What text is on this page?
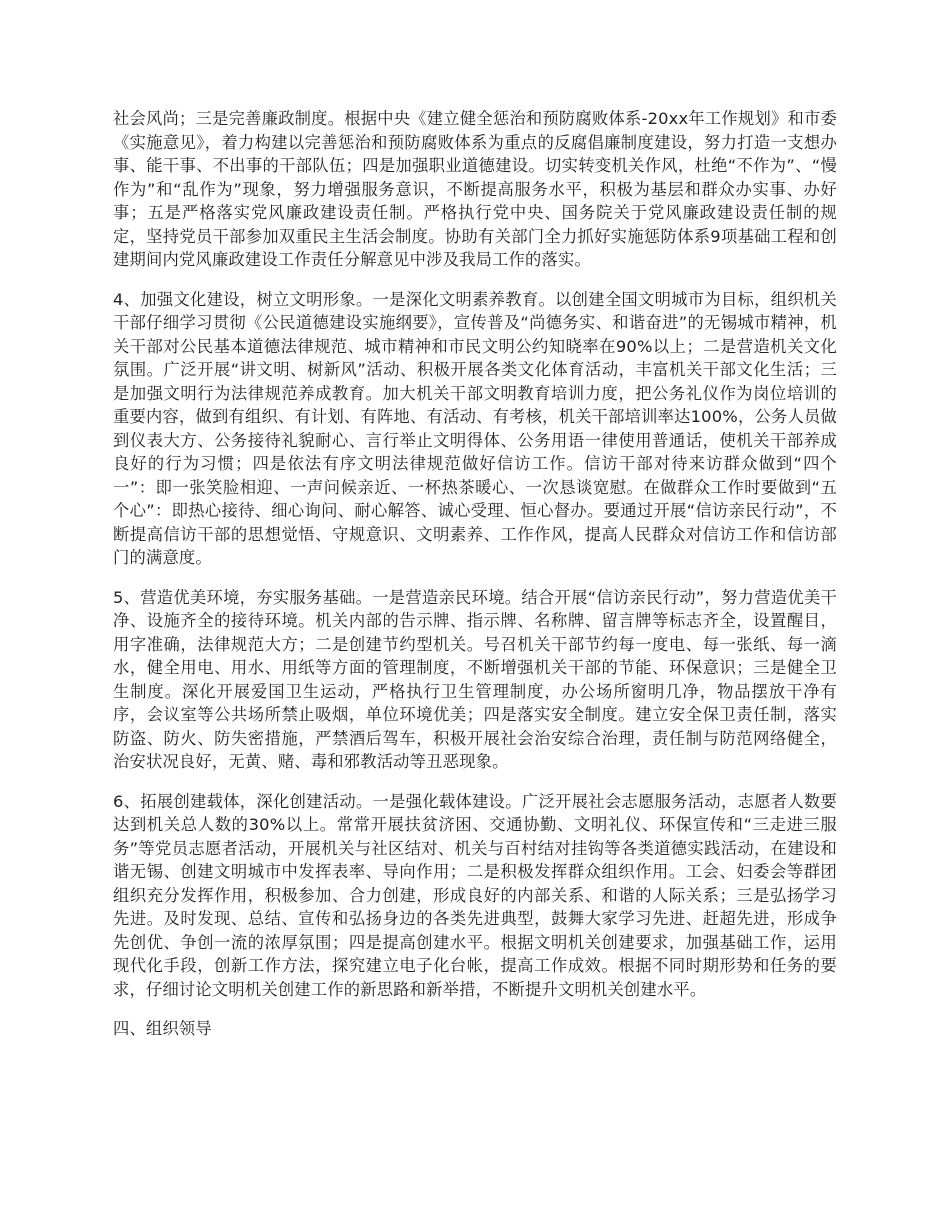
社会风尚；三是完善廉政制度。根据中央《建立健全惩治和预防腐败体系-20xx年工作规划》和市委《实施意见》，着力构建以完善惩治和预防腐败体系为重点的反腐倡廉制度建设，努力打造一支想办事、能干事、不出事的干部队伍；四是加强职业道德建设。切实转变机关作风，杜绝“不作为”、“慢作为”和“乱作为”现象，努力增强服务意识，不断提高服务水平，积极为基层和群众办实事、办好事；五是严格落实党风廉政建设责任制。严格执行党中央、国务院关于党风廉政建设责任制的规定，坚持党员干部参加双重民主生活会制度。协助有关部门全力抓好实施惩防体系9项基础工程和创建期间内党风廉政建设工作责任分解意见中涉及我局工作的落实。

4、加强文化建设，树立文明形象。一是深化文明素养教育。以创建全国文明城市为目标，组织机关干部仔细学习贯彻《公民道德建设实施纲要》，宣传普及“尚德务实、和谐奋进”的无锡城市精神，机关干部对公民基本道德法律规范、城市精神和市民文明公约知晓率在90%以上；二是营造机关文化氛围。广泛开展“讲文明、树新风”活动、积极开展各类文化体育活动，丰富机关干部文化生活；三是加强文明行为法律规范养成教育。加大机关干部文明教育培训力度，把公务礼仪作为岗位培训的重要内容，做到有组织、有计划、有阵地、有活动、有考核，机关干部培训率达100%，公务人员做到仪表大方、公务接待礼貌耐心、言行举止文明得体、公务用语一律使用普通话，使机关干部养成良好的行为习惯；四是依法有序文明法律规范做好信访工作。信访干部对待来访群众做到“四个一”：即一张笑脸相迎、一声问候亲近、一杯热茶暖心、一次恳谈宽慰。在做群众工作时要做到“五个心”：即热心接待、细心询问、耐心解答、诚心受理、恒心督办。要通过开展“信访亲民行动”，不断提高信访干部的思想觉悟、守规意识、文明素养、工作作风，提高人民群众对信访工作和信访部门的满意度。

5、营造优美环境，夯实服务基础。一是营造亲民环境。结合开展“信访亲民行动”，努力营造优美干净、设施齐全的接待环境。机关内部的告示牌、指示牌、名称牌、留言牌等标志齐全，设置醒目，用字准确，法律规范大方；二是创建节约型机关。号召机关干部节约每一度电、每一张纸、每一滴水，健全用电、用水、用纸等方面的管理制度，不断增强机关干部的节能、环保意识；三是健全卫生制度。深化开展爱国卫生运动，严格执行卫生管理制度，办公场所窗明几净，物品摆放干净有序，会议室等公共场所禁止吸烟，单位环境优美；四是落实安全制度。建立安全保卫责任制，落实防盗、防火、防失密措施，严禁酒后驾车，积极开展社会治安综合治理，责任制与防范网络健全，治安状况良好，无黄、赌、毒和邪教活动等丑恶现象。

6、拓展创建载体，深化创建活动。一是强化载体建设。广泛开展社会志愿服务活动，志愿者人数要达到机关总人数的30%以上。常常开展扶贫济困、交通协勤、文明礼仪、环保宣传和“三走进三服务”等党员志愿者活动，开展机关与社区结对、机关与百村结对挂钩等各类道德实践活动，在建设和谐无锡、创建文明城市中发挥表率、导向作用；二是积极发挥群众组织作用。工会、妇委会等群团组织充分发挥作用，积极参加、合力创建，形成良好的内部关系、和谐的人际关系；三是弘扬学习先进。及时发现、总结、宣传和弘扬身边的各类先进典型，鼓舞大家学习先进、赶超先进，形成争先创优、争创一流的浓厚氛围；四是提高创建水平。根据文明机关创建要求，加强基础工作，运用现代化手段，创新工作方法，探究建立电子化台帐，提高工作成效。根据不同时期形势和任务的要求，仔细讨论文明机关创建工作的新思路和新举措，不断提升文明机关创建水平。

四、组织领导
